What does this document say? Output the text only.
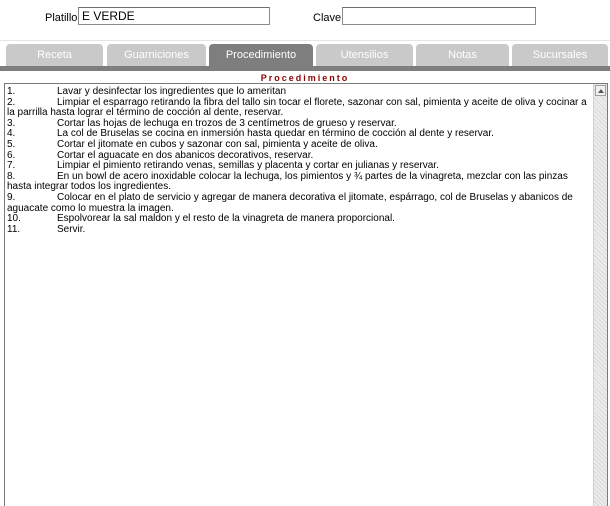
Platillo
E VERDE	Clave
Receta	Guarniciones	Procedimiento	Utensilios	Notas	Sucursales
Procedimiento
1.	Lavar y desinfectar los ingredientes que lo ameritan
2.	Limpiar el esparrago retirando la fibra del tallo sin tocar el florete, sazonar con sal, pimienta y aceite de oliva y cocinar a la parrilla hasta lograr el término de cocción al dente, reservar.
3.	Cortar las hojas de lechuga en trozos de 3 centímetros de grueso y reservar.
4.	La col de Bruselas se cocina en inmersión hasta quedar en término de cocción al dente y reservar.
5.	Cortar el jitomate en cubos y sazonar con sal, pimienta y aceite de oliva.
6.	Cortar el aguacate en dos abanicos decorativos, reservar.
7.	Limpiar el pimiento retirando venas, semillas y placenta y cortar en julianas y reservar.
8.	En un bowl de acero inoxidable colocar la lechuga, los pimientos y ¾ partes de la vinagreta, mezclar con las pinzas hasta integrar todos los ingredientes.
9.	Colocar en el plato de servicio y agregar de manera decorativa el jitomate, espárrago, col de Bruselas y abanicos de aguacate como lo muestra la imagen.
10.	Espolvorear la sal maldon y el resto de la vinagreta de manera proporcional.
11.	Servir.
